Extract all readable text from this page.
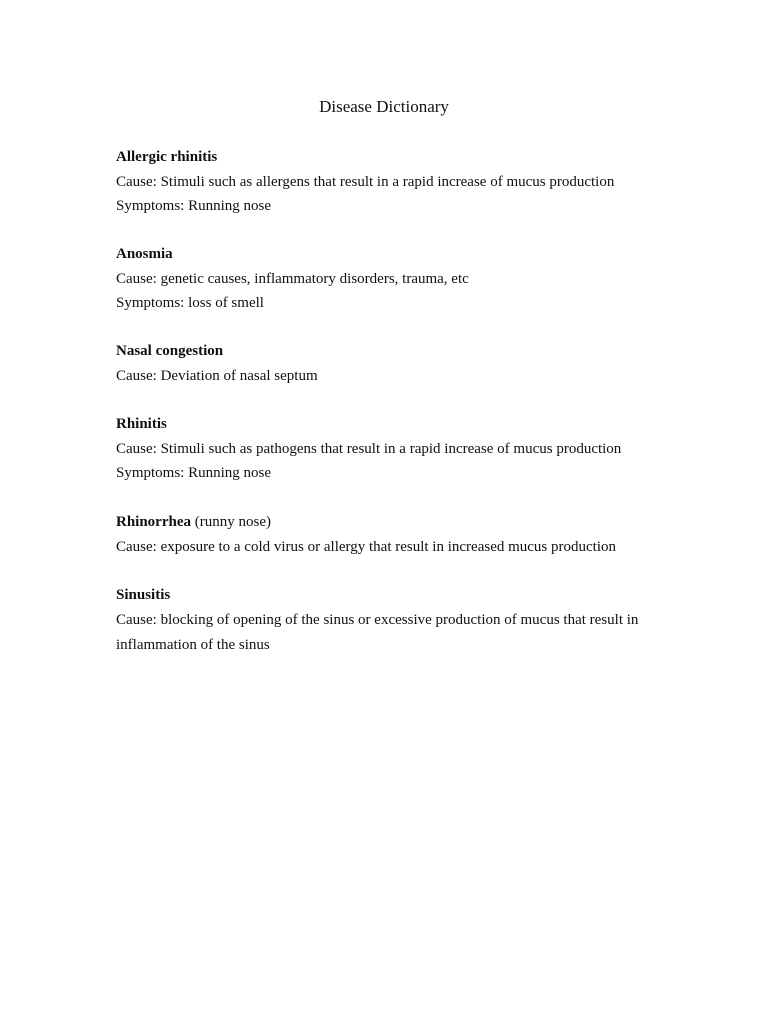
Disease Dictionary
Allergic rhinitis
Cause: Stimuli such as allergens that result in a rapid increase of mucus production
Symptoms: Running nose
Anosmia
Cause: genetic causes, inflammatory disorders, trauma, etc
Symptoms: loss of smell
Nasal congestion
Cause: Deviation of nasal septum
Rhinitis
Cause: Stimuli such as pathogens that result in a rapid increase of mucus production
Symptoms: Running nose
Rhinorrhea (runny nose)
Cause: exposure to a cold virus or allergy that result in increased mucus production
Sinusitis
Cause: blocking of opening of the sinus or excessive production of mucus that result in inflammation of the sinus
